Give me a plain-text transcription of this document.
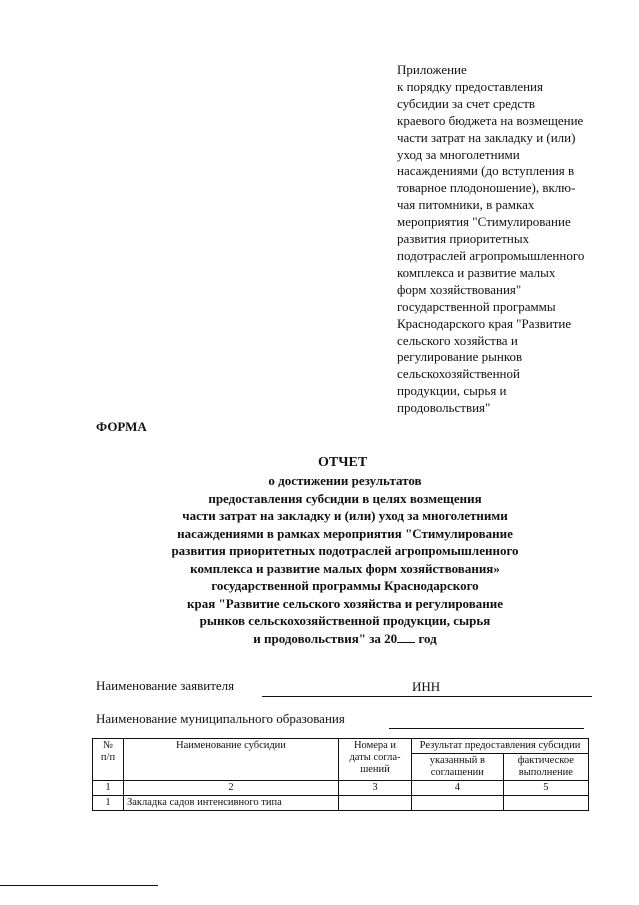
Приложение
к порядку предоставления
субсидии за счет средств
краевого бюджета на возмещение
части затрат на закладку и (или)
уход за многолетними
насаждениями (до вступления в
товарное плодоношение), вклю-
чая питомники, в рамках
мероприятия "Стимулирование
развития приоритетных
подотраслей агропромышленного
комплекса и развитие малых
форм хозяйствования"
государственной программы
Краснодарского края "Развитие
сельского хозяйства и
регулирование рынков
сельскохозяйственной
продукции, сырья и
продовольствия"
ФОРМА
ОТЧЕТ
о достижении результатов
предоставления субсидии в целях возмещения
части затрат на закладку и (или) уход за многолетними
насаждениями в рамках мероприятия "Стимулирование
развития приоритетных подотраслей агропромышленного
комплекса и развитие малых форм хозяйствования»
государственной программы Краснодарского
края "Развитие сельского хозяйства и регулирование
рынков сельскохозяйственной продукции, сырья
и продовольствия" за 20 год
Наименование заявителя	ИНН
Наименование муниципального образования
№
п/п	Наименование субсидии	Номера и даты согла-шений	Результат предоставления субсидии	
			указанный в соглашении	фактическое выполнение
1	2	3	4	5
1	Закладка садов интенсивного типа			
